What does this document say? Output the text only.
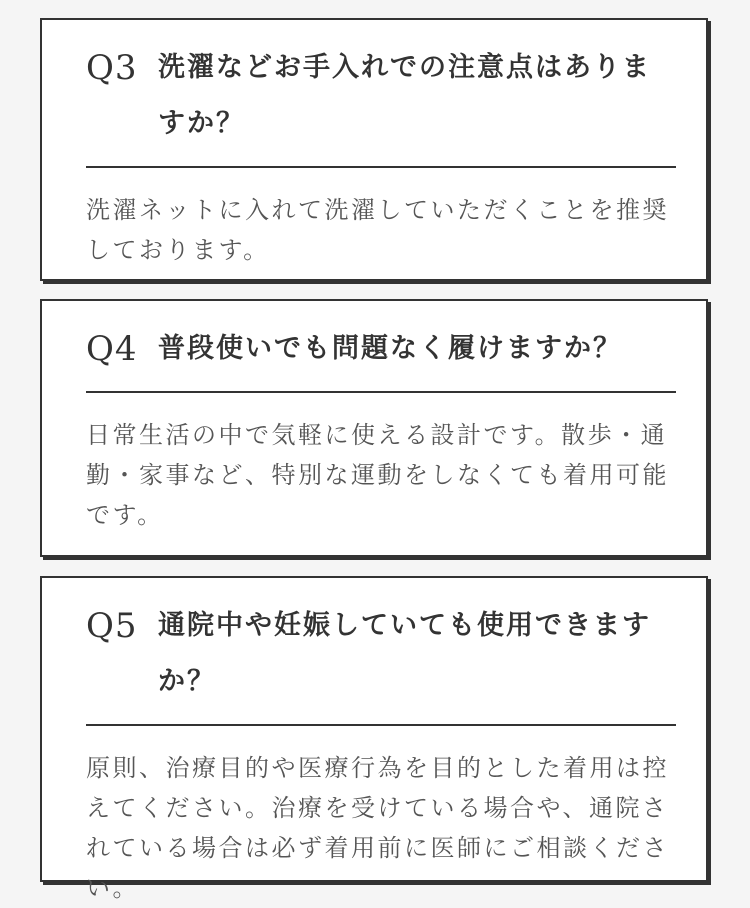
Q3 洗濯などお手入れでの注意点はありますか？
洗濯ネットに入れて洗濯していただくことを推奨しております。
Q4 普段使いでも問題なく履けますか？
日常生活の中で気軽に使える設計です。散歩・通勤・家事など、特別な運動をしなくても着用可能です。
Q5 通院中や妊娠していても使用できますか？
原則、治療目的や医療行為を目的とした着用は控えてください。治療を受けている場合や、通院されている場合は必ず着用前に医師にご相談ください。
